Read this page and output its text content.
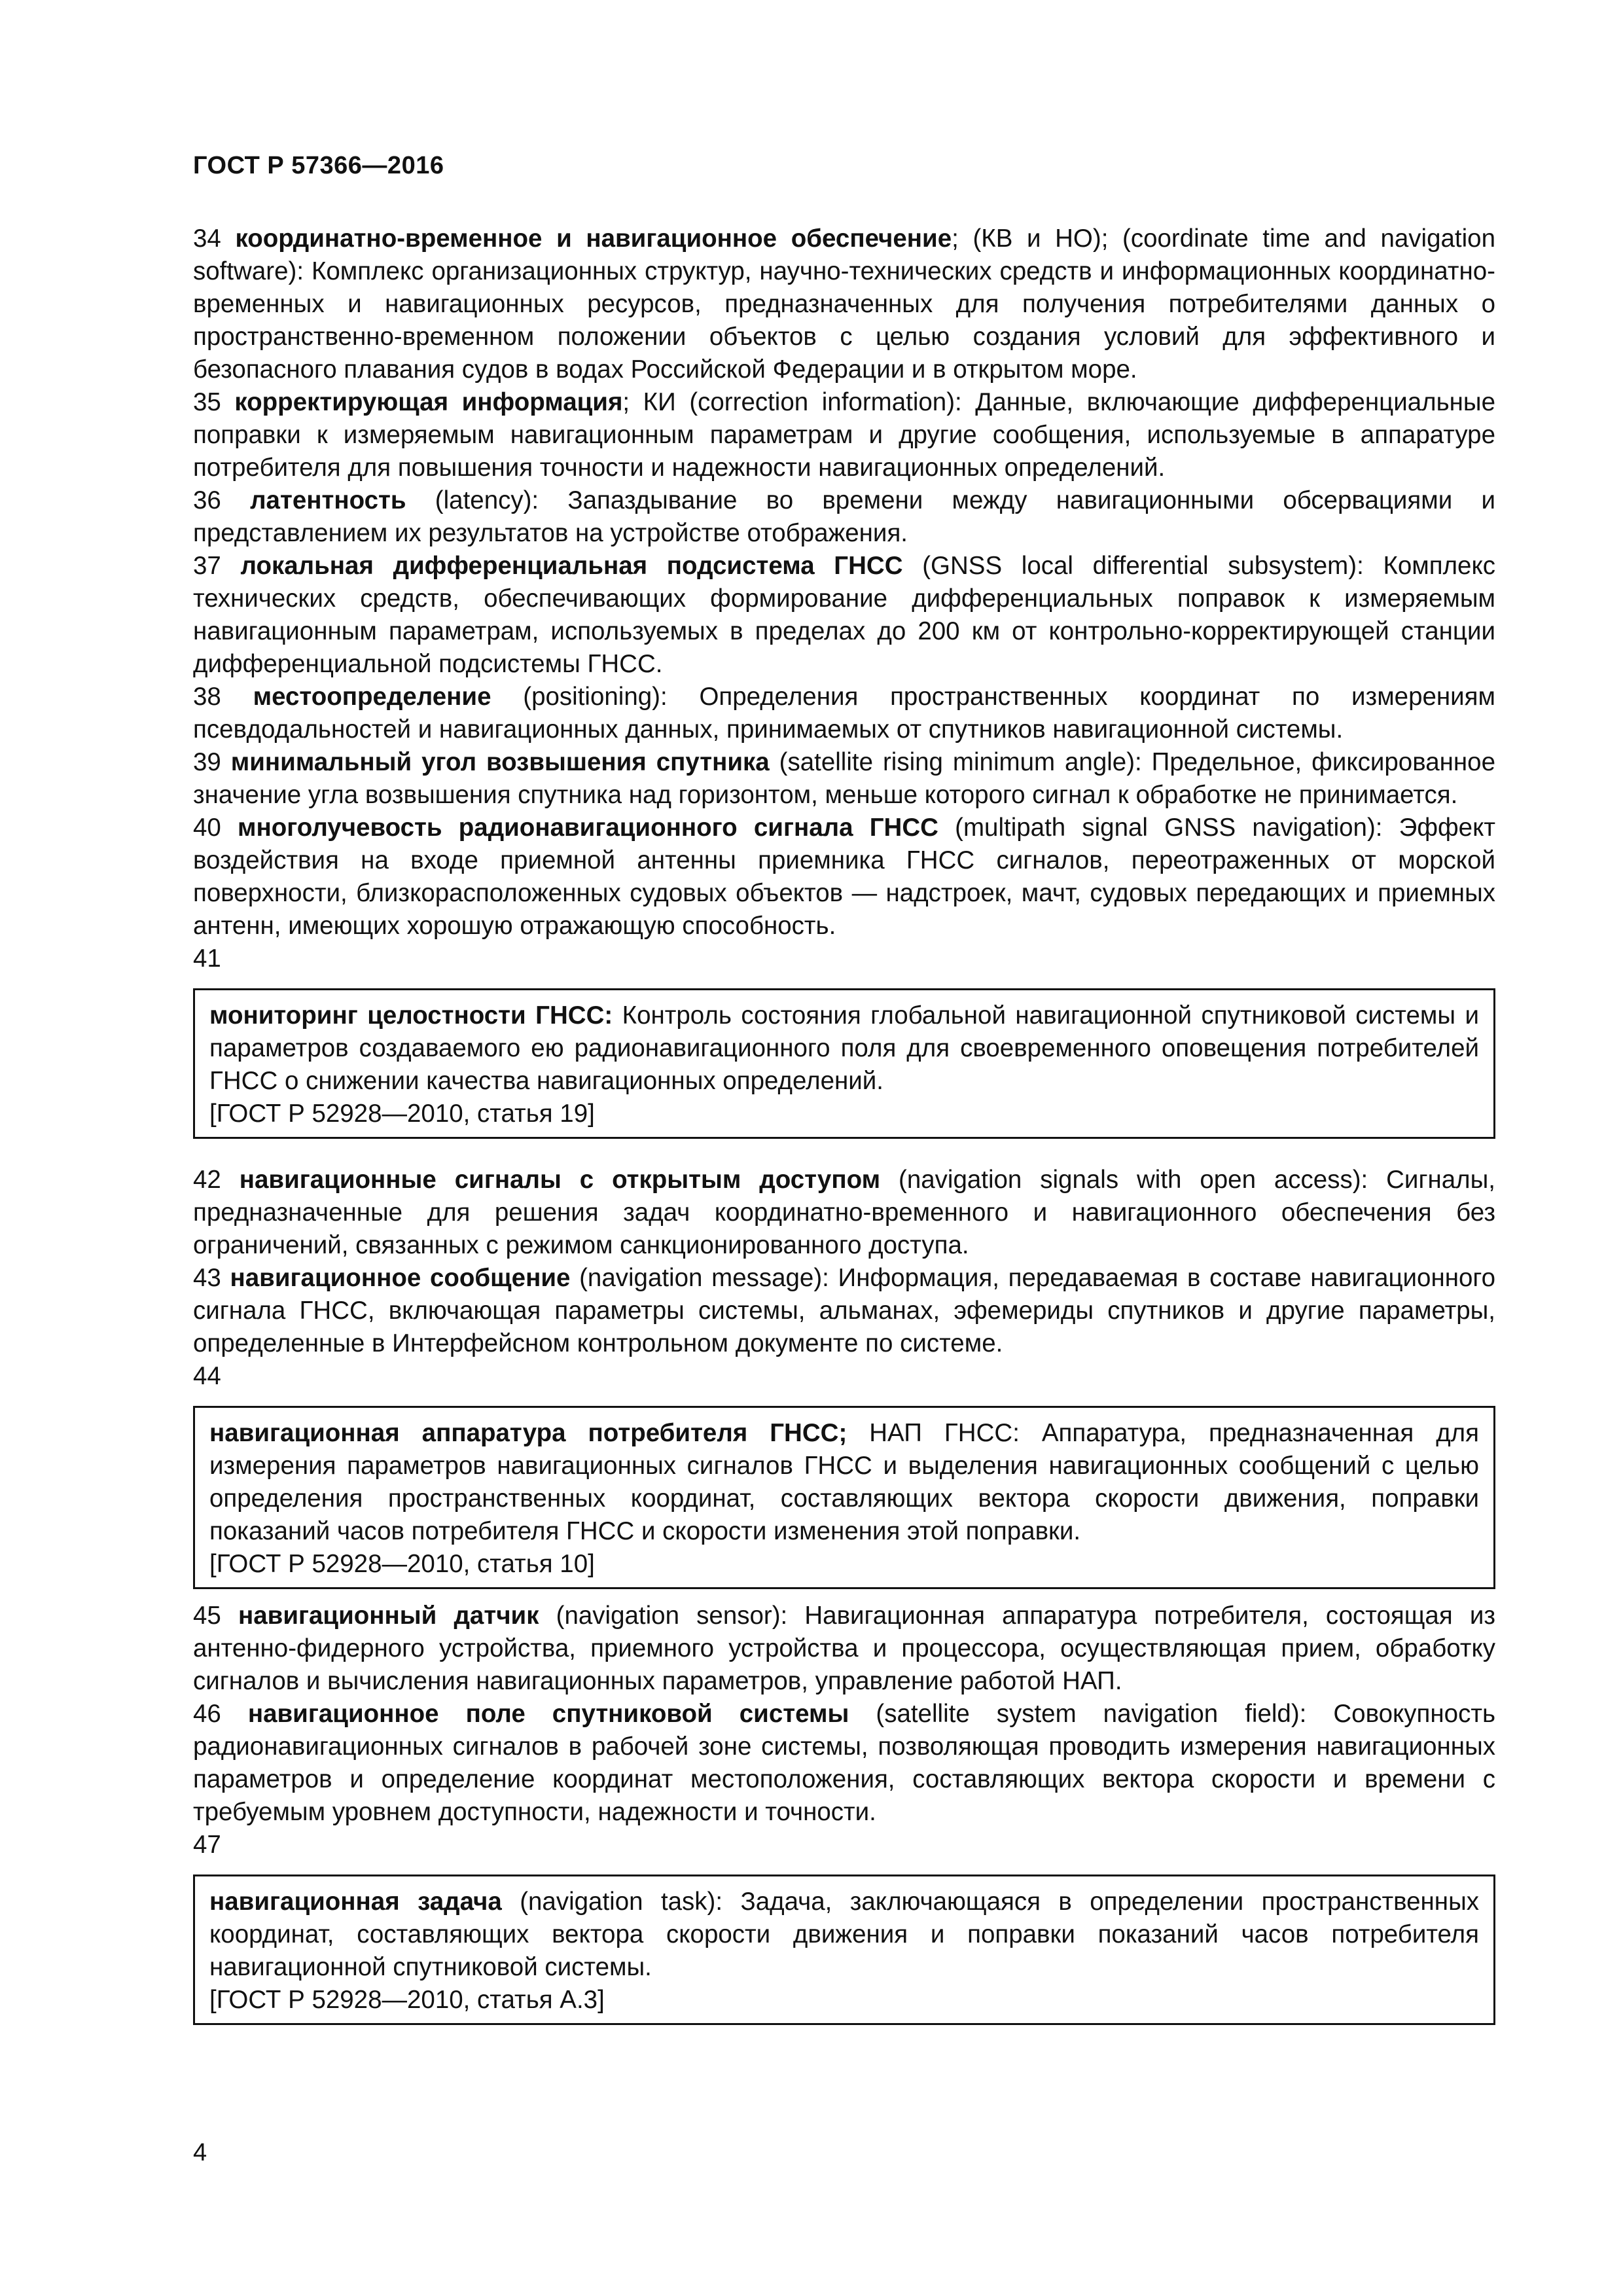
ГОСТ Р 57366—2016

34 координатно-временное и навигационное обеспечение; (КВ и НО); (coordinate time and navigation software): Комплекс организационных структур, научно-технических средств и информационных координатно-временных и навигационных ресурсов, предназначенных для получения потребителями данных о пространственно-временном положении объектов с целью создания условий для эффективного и безопасного плавания судов в водах Российской Федерации и в открытом море.

35 корректирующая информация; КИ (correction information): Данные, включающие дифференциальные поправки к измеряемым навигационным параметрам и другие сообщения, используемые в аппаратуре потребителя для повышения точности и надежности навигационных определений.

36 латентность (latency): Запаздывание во времени между навигационными обсервациями и представлением их результатов на устройстве отображения.

37 локальная дифференциальная подсистема ГНСС (GNSS local differential subsystem): Комплекс технических средств, обеспечивающих формирование дифференциальных поправок к измеряемым навигационным параметрам, используемых в пределах до 200 км от контрольно-корректирующей станции дифференциальной подсистемы ГНСС.

38 местоопределение (positioning): Определения пространственных координат по измерениям псевдодальностей и навигационных данных, принимаемых от спутников навигационной системы.

39 минимальный угол возвышения спутника (satellite rising minimum angle): Предельное, фиксированное значение угла возвышения спутника над горизонтом, меньше которого сигнал к обработке не принимается.

40 многолучевость радионавигационного сигнала ГНСС (multipath signal GNSS navigation): Эффект воздействия на входе приемной антенны приемника ГНСС сигналов, переотраженных от морской поверхности, близкорасположенных судовых объектов — надстроек, мачт, судовых передающих и приемных антенн, имеющих хорошую отражающую способность.

41

мониторинг целостности ГНСС: Контроль состояния глобальной навигационной спутниковой системы и параметров создаваемого ею радионавигационного поля для своевременного оповещения потребителей ГНСС о снижении качества навигационных определений.

[ГОСТ Р 52928—2010, статья 19]

42 навигационные сигналы с открытым доступом (navigation signals with open access): Сигналы, предназначенные для решения задач координатно-временного и навигационного обеспечения без ограничений, связанных с режимом санкционированного доступа.

43 навигационное сообщение (navigation message): Информация, передаваемая в составе навигационного сигнала ГНСС, включающая параметры системы, альманах, эфемериды спутников и другие параметры, определенные в Интерфейсном контрольном документе по системе.

44

навигационная аппаратура потребителя ГНСС; НАП ГНСС: Аппаратура, предназначенная для измерения параметров навигационных сигналов ГНСС и выделения навигационных сообщений с целью определения пространственных координат, составляющих вектора скорости движения, поправки показаний часов потребителя ГНСС и скорости изменения этой поправки.

[ГОСТ Р 52928—2010, статья 10]

45 навигационный датчик (navigation sensor): Навигационная аппаратура потребителя, состоящая из антенно-фидерного устройства, приемного устройства и процессора, осуществляющая прием, обработку сигналов и вычисления навигационных параметров, управление работой НАП.

46 навигационное поле спутниковой системы (satellite system navigation field): Совокупность радионавигационных сигналов в рабочей зоне системы, позволяющая проводить измерения навигационных параметров и определение координат местоположения, составляющих вектора скорости и времени с требуемым уровнем доступности, надежности и точности.

47

навигационная задача (navigation task): Задача, заключающаяся в определении пространственных координат, составляющих вектора скорости движения и поправки показаний часов потребителя навигационной спутниковой системы.

[ГОСТ Р 52928—2010, статья А.3]

4
